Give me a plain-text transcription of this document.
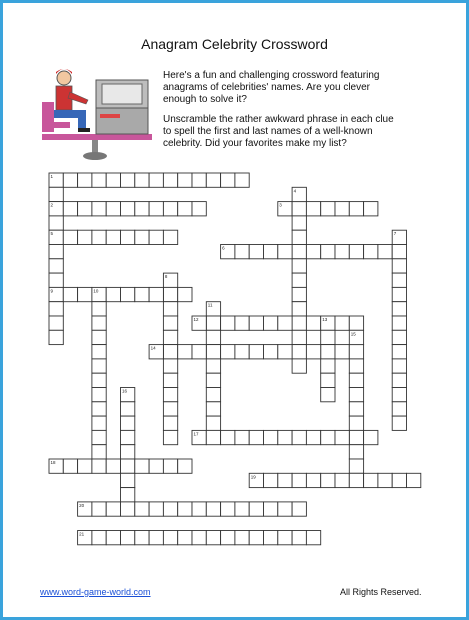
Anagram Celebrity Crossword

Here's a fun and challenging crossword featuring anagrams of celebrities' names. Are you clever enough to solve it?

Unscramble the rather awkward phrase in each clue to spell the first and last names of a well-known celebrity. Did your favorites make my list?

1
2	3
4
5
6
7
8
9	10
11
12	13
14
15
16
17
18
19
20
21
www.word-game-world.com	All Rights Reserved.
